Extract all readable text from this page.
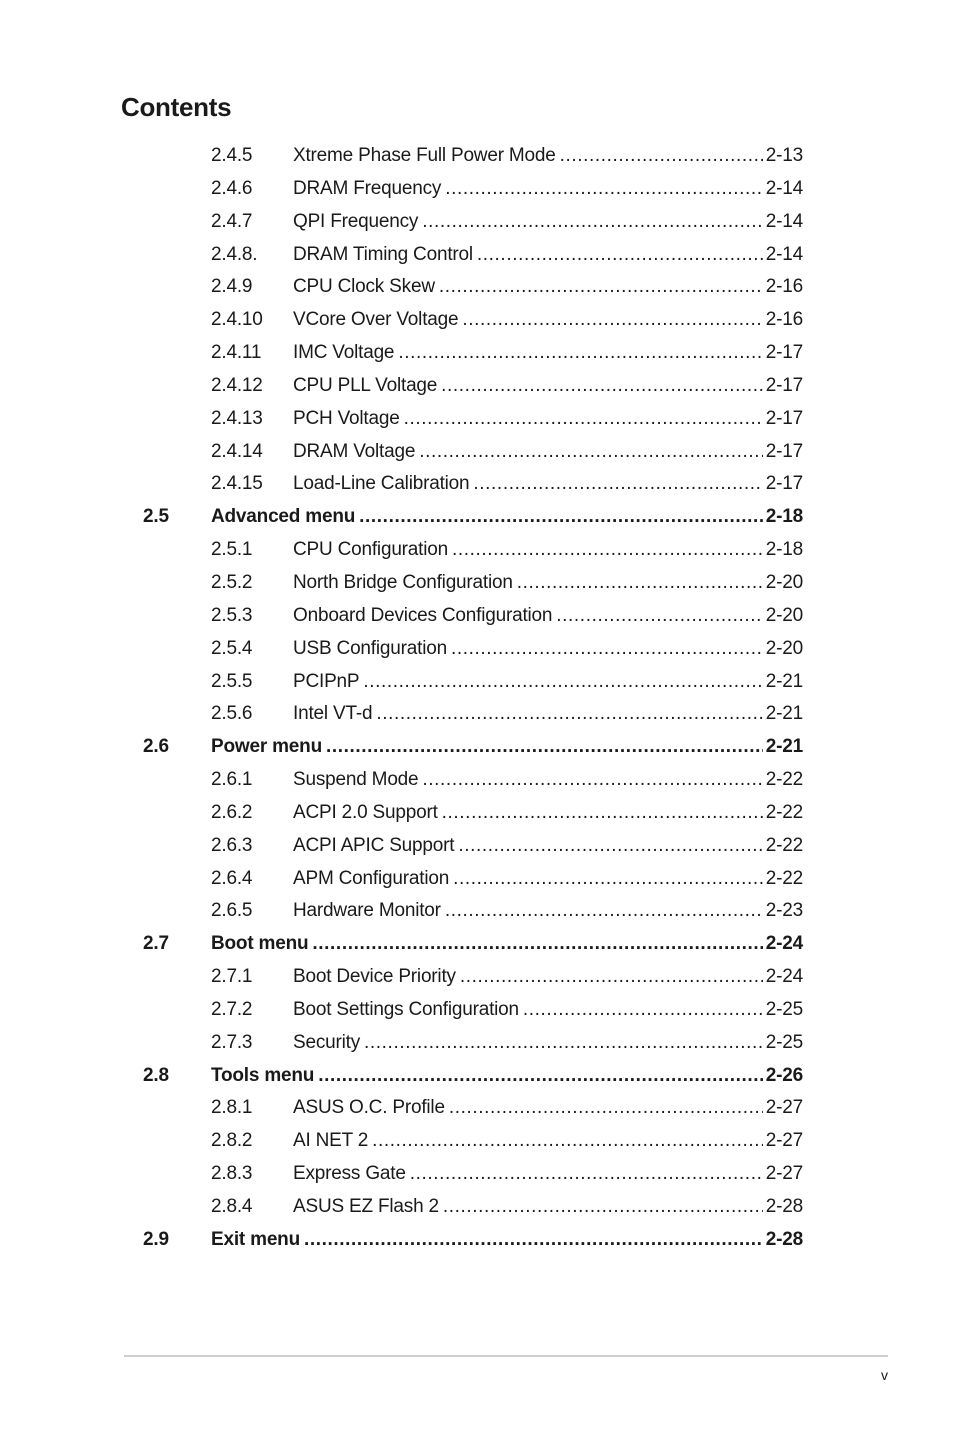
Contents
2.4.5 Xtreme Phase Full Power Mode .....	2-13
2.4.6 DRAM Frequency .....	2-14
2.4.7 QPI Frequency .....	2-14
2.4.8. DRAM Timing Control .....	2-14
2.4.9 CPU Clock Skew .....	2-16
2.4.10 VCore Over Voltage .....	2-16
2.4.11 IMC Voltage .....	2-17
2.4.12 CPU PLL Voltage .....	2-17
2.4.13 PCH Voltage .....	2-17
2.4.14 DRAM Voltage .....	2-17
2.4.15 Load-Line Calibration .....	2-17
2.5 Advanced menu .....	2-18
2.5.1 CPU Configuration .....	2-18
2.5.2 North Bridge Configuration .....	2-20
2.5.3 Onboard Devices Configuration .....	2-20
2.5.4 USB Configuration .....	2-20
2.5.5 PCIPnP .....	2-21
2.5.6 Intel VT-d .....	2-21
2.6 Power menu .....	2-21
2.6.1 Suspend Mode .....	2-22
2.6.2 ACPI 2.0 Support .....	2-22
2.6.3 ACPI APIC Support .....	2-22
2.6.4 APM Configuration .....	2-22
2.6.5 Hardware Monitor .....	2-23
2.7 Boot menu .....	2-24
2.7.1 Boot Device Priority .....	2-24
2.7.2 Boot Settings Configuration .....	2-25
2.7.3 Security .....	2-25
2.8 Tools menu .....	2-26
2.8.1 ASUS O.C. Profile .....	2-27
2.8.2 AI NET 2 .....	2-27
2.8.3 Express Gate .....	2-27
2.8.4 ASUS EZ Flash 2 .....	2-28
2.9 Exit menu .....	2-28
v
